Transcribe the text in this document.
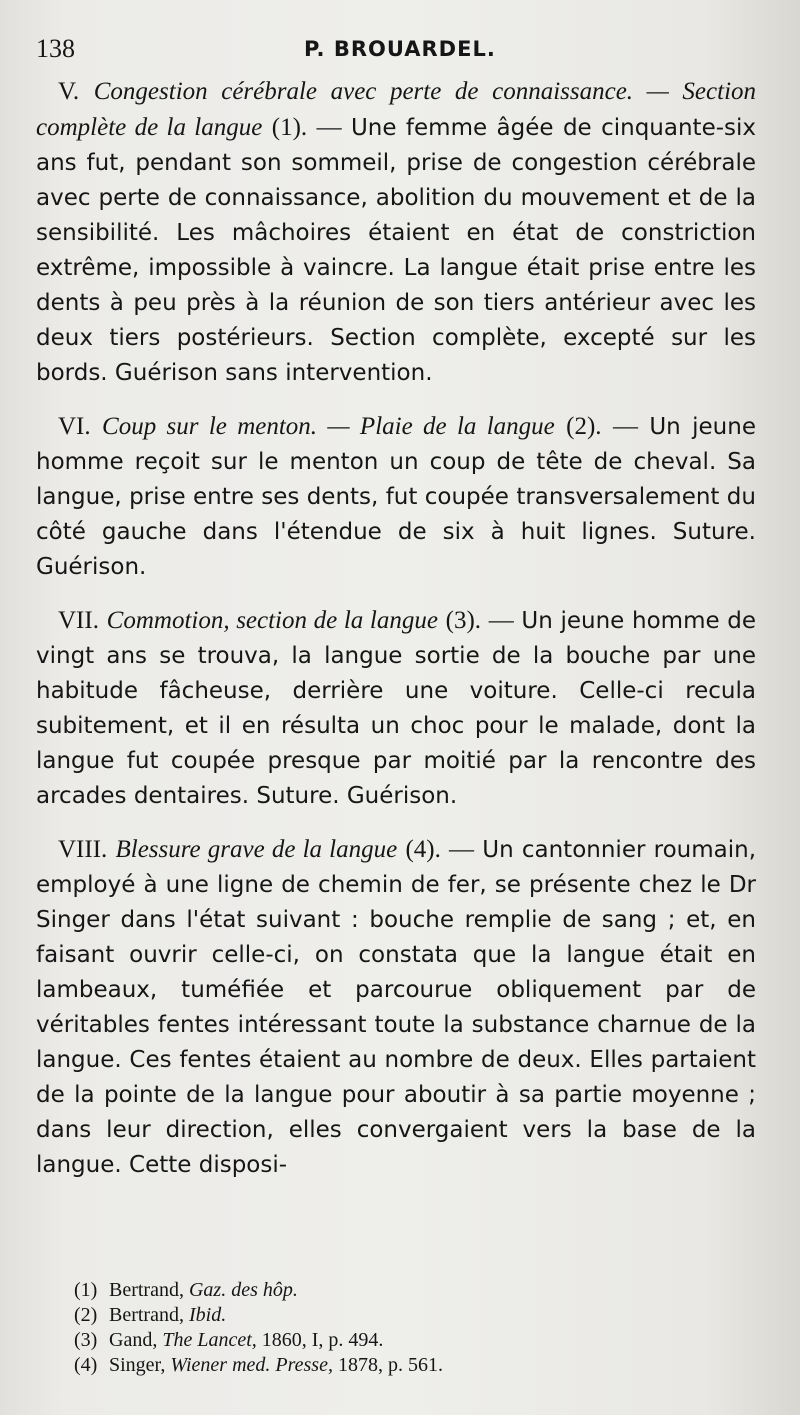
138	P. BROUARDEL.

V. Congestion cérébrale avec perte de connaissance. — Section complète de la langue (1). — Une femme âgée de cinquante-six ans fut, pendant son sommeil, prise de congestion cérébrale avec perte de connaissance, abolition du mouvement et de la sensibilité. Les mâchoires étaient en état de constriction extrême, impossible à vaincre. La langue était prise entre les dents à peu près à la réunion de son tiers antérieur avec les deux tiers postérieurs. Section complète, excepté sur les bords. Guérison sans intervention.

VI. Coup sur le menton. — Plaie de la langue (2). — Un jeune homme reçoit sur le menton un coup de tête de cheval. Sa langue, prise entre ses dents, fut coupée transversalement du côté gauche dans l'étendue de six à huit lignes. Suture. Guérison.

VII. Commotion, section de la langue (3). — Un jeune homme de vingt ans se trouva, la langue sortie de la bouche par une habitude fâcheuse, derrière une voiture. Celle-ci recula subitement, et il en résulta un choc pour le malade, dont la langue fut coupée presque par moitié par la rencontre des arcades dentaires. Suture. Guérison.

VIII. Blessure grave de la langue (4). — Un cantonnier roumain, employé à une ligne de chemin de fer, se présente chez le Dr Singer dans l'état suivant : bouche remplie de sang ; et, en faisant ouvrir celle-ci, on constata que la langue était en lambeaux, tuméfiée et parcourue obliquement par de véritables fentes intéressant toute la substance charnue de la langue. Ces fentes étaient au nombre de deux. Elles partaient de la pointe de la langue pour aboutir à sa partie moyenne ; dans leur direction, elles convergaient vers la base de la langue. Cette disposi-

(1) Bertrand, Gaz. des hôp.

(2) Bertrand, Ibid.

(3) Gand, The Lancet, 1860, I, p. 494.

(4) Singer, Wiener med. Presse, 1878, p. 561.
